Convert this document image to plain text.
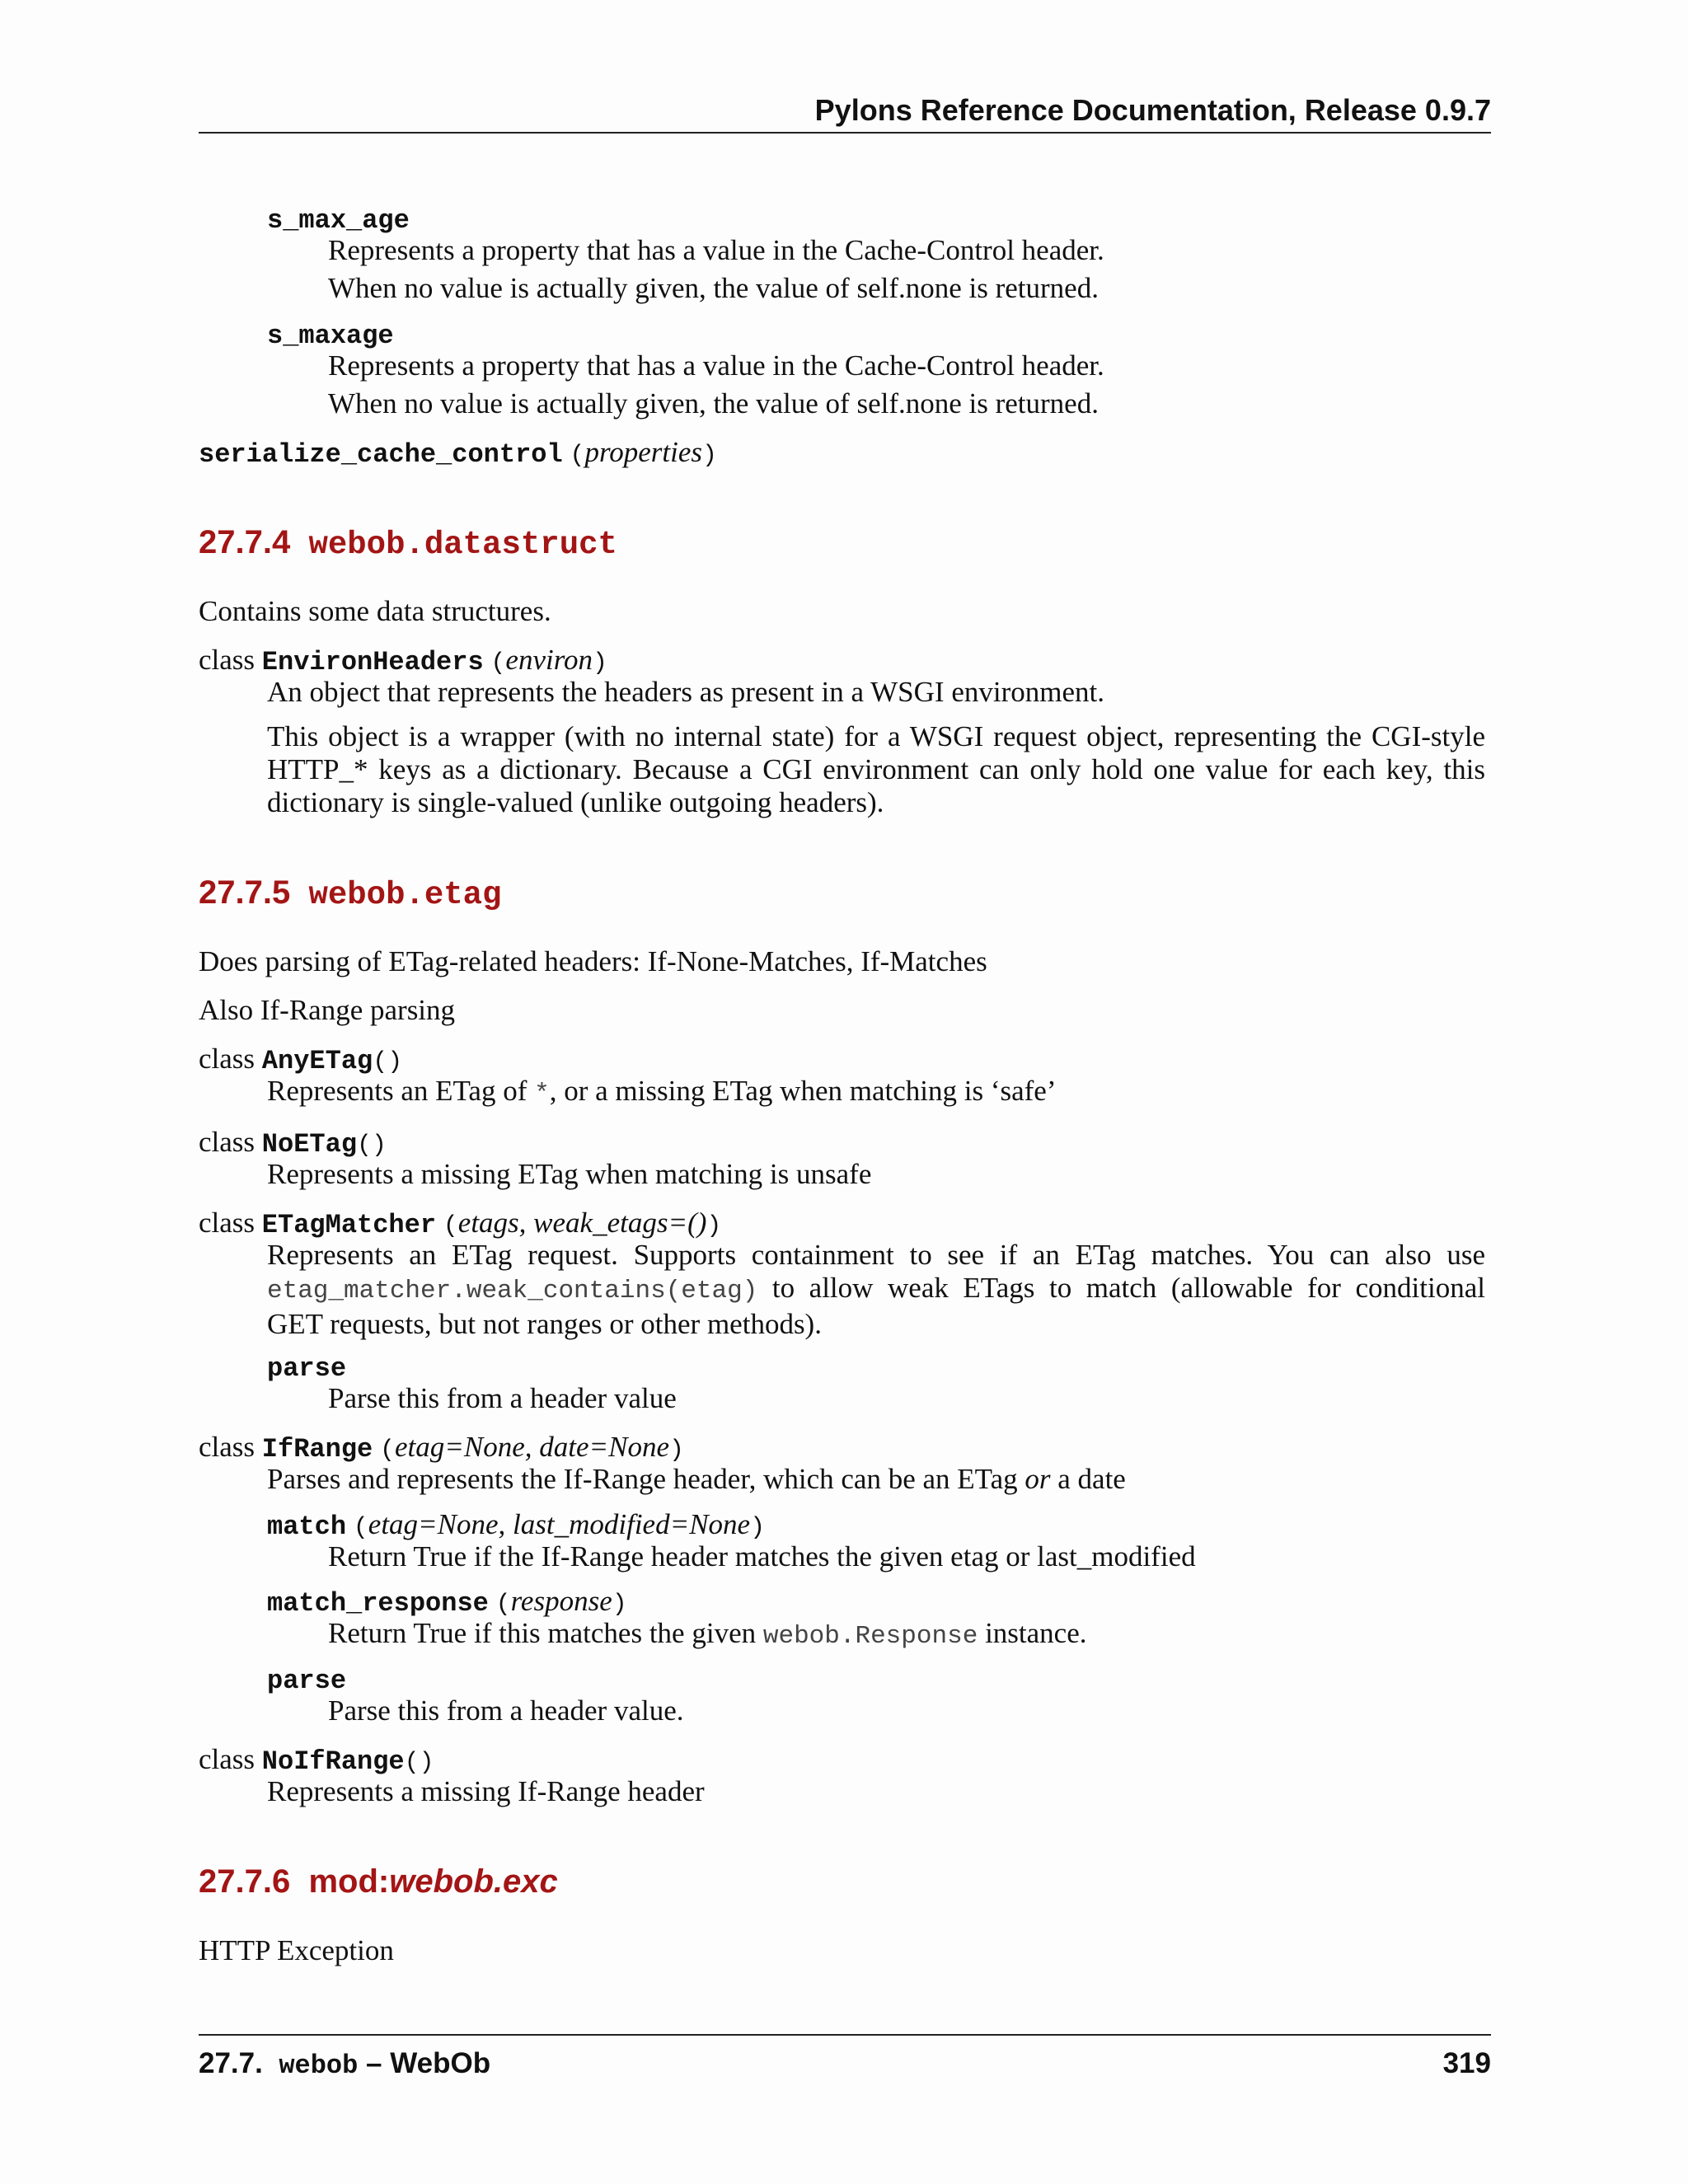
Pylons Reference Documentation, Release 0.9.7
s_max_age
Represents a property that has a value in the Cache-Control header.
When no value is actually given, the value of self.none is returned.
s_maxage
Represents a property that has a value in the Cache-Control header.
When no value is actually given, the value of self.none is returned.
serialize_cache_control (properties)
27.7.4 webob.datastruct
Contains some data structures.
class EnvironHeaders (environ)
An object that represents the headers as present in a WSGI environment.
This object is a wrapper (with no internal state) for a WSGI request object, representing the CGI-style
HTTP_* keys as a dictionary. Because a CGI environment can only hold one value for each key, this
dictionary is single-valued (unlike outgoing headers).
27.7.5 webob.etag
Does parsing of ETag-related headers: If-None-Matches, If-Matches
Also If-Range parsing
class AnyETag()
Represents an ETag of *, or a missing ETag when matching is ‘safe’
class NoETag()
Represents a missing ETag when matching is unsafe
class ETagMatcher (etags, weak_etags=())
Represents an ETag request. Supports containment to see if an ETag matches. You can also use
etag_matcher.weak_contains(etag) to allow weak ETags to match (allowable for conditional
GET requests, but not ranges or other methods).
parse
Parse this from a header value
class IfRange (etag=None, date=None)
Parses and represents the If-Range header, which can be an ETag or a date
match (etag=None, last_modified=None)
Return True if the If-Range header matches the given etag or last_modified
match_response (response)
Return True if this matches the given webob.Response instance.
parse
Parse this from a header value.
class NoIfRange()
Represents a missing If-Range header
27.7.6 mod:webob.exc
HTTP Exception
27.7. webob – WebOb	319
